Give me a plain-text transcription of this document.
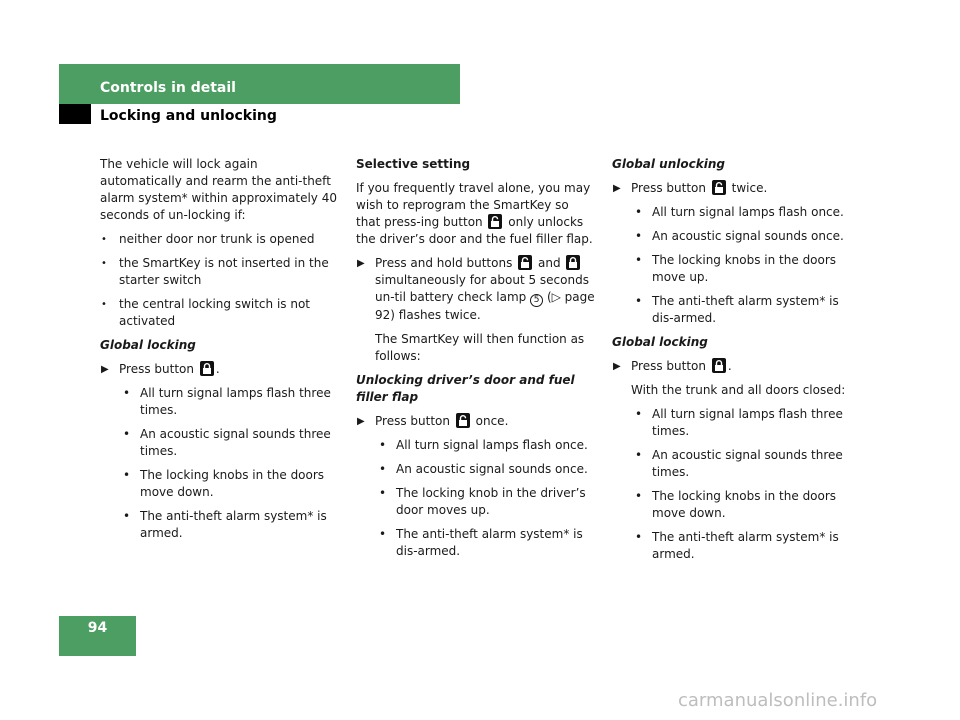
Controls in detail
Locking and unlocking
The vehicle will lock again automatically and rearm the anti-theft alarm system* within approximately 40 seconds of un-locking if:
• neither door nor trunk is opened
• the SmartKey is not inserted in the starter switch
• the central locking switch is not activated
Global locking
▶ Press button .
• All turn signal lamps flash three times.
• An acoustic signal sounds three times.
• The locking knobs in the doors move down.
• The anti-theft alarm system* is armed.
Selective setting
If you frequently travel alone, you may wish to reprogram the SmartKey so that press-ing button only unlocks the driver’s door and the fuel filler flap.
▶ Press and hold buttons and
simultaneously for about 5 seconds un-til battery check lamp 5 (▷ page 92) flashes twice.
The SmartKey will then function as follows:
Unlocking driver’s door and fuel filler flap
▶ Press button once.
• All turn signal lamps flash once.
• An acoustic signal sounds once.
• The locking knob in the driver’s door moves up.
• The anti-theft alarm system* is dis-armed.
Global unlocking
▶ Press button twice.
• All turn signal lamps flash once.
• An acoustic signal sounds once.
• The locking knobs in the doors move up.
• The anti-theft alarm system* is dis-armed.
Global locking
▶ Press button .
With the trunk and all doors closed:
• All turn signal lamps flash three times.
• An acoustic signal sounds three times.
• The locking knobs in the doors move down.
• The anti-theft alarm system* is armed.
94
carmanualsonline.info
